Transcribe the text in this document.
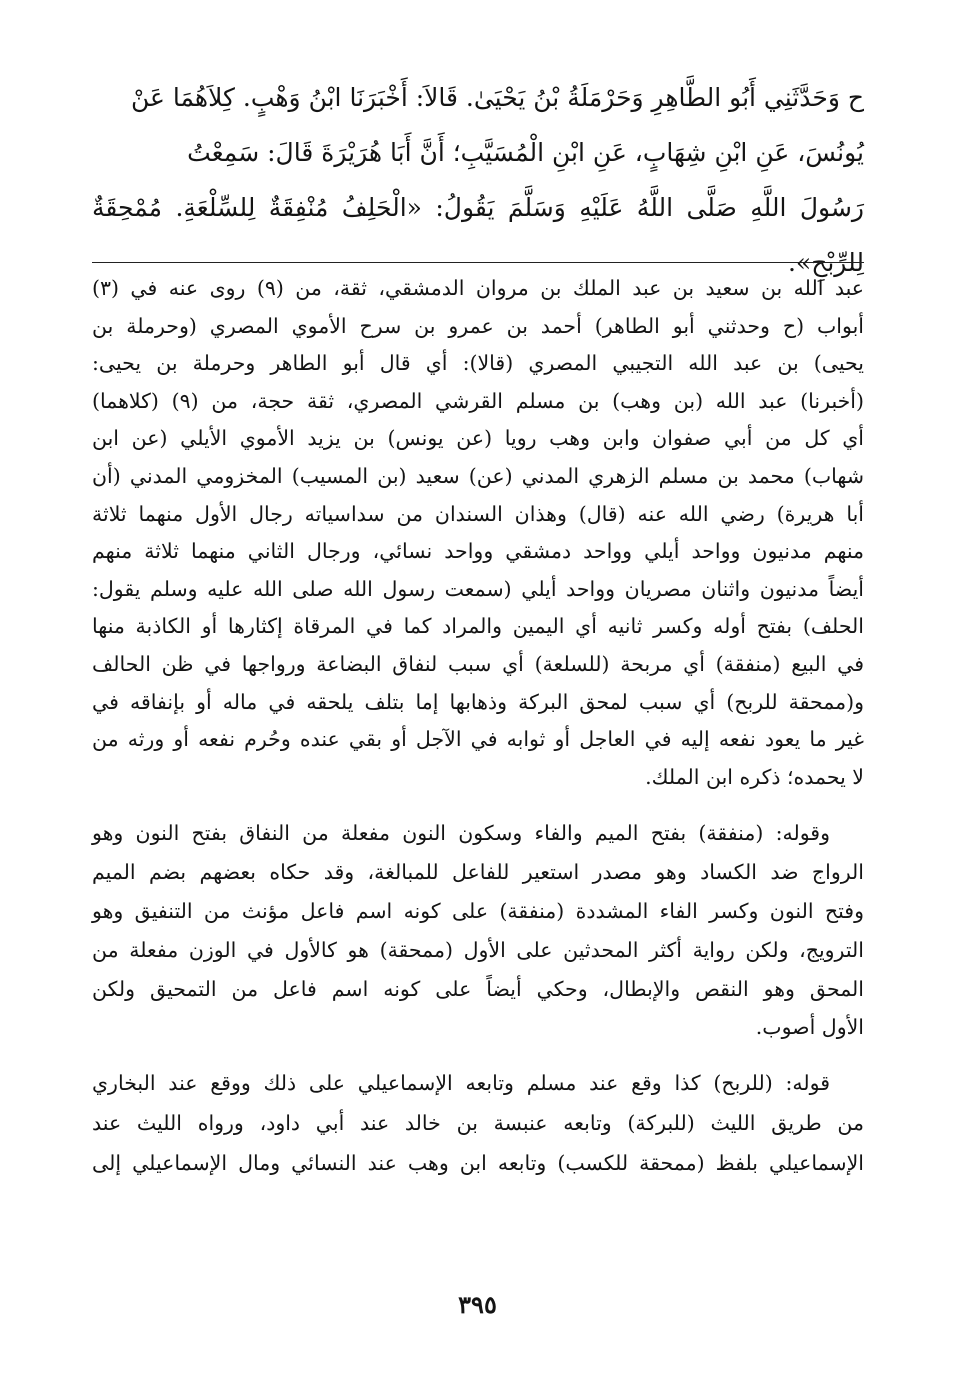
ح وَحَدَّثَنِي أَبُو الطَّاهِرِ وَحَرْمَلَةُ بْنُ يَحْيَىٰ. قَالاَ: أَخْبَرَنَا ابْنُ وَهْبٍ. كِلاَهُمَا عَنْ
يُونُسَ، عَنِ ابْنِ شِهَابٍ، عَنِ ابْنِ الْمُسَيَّبِ؛ أَنَّ أَبَا هُرَيْرَةَ قَالَ: سَمِعْتُ
رَسُولَ اللَّهِ صَلَّى اللَّهُ عَلَيْهِ وَسَلَّمَ يَقُولُ: «الْحَلِفُ مُنْفِقَةٌ لِلسِّلْعَةِ. مُمْحِقَةٌ لِلرِّبْحِ».

عبد الله بن سعيد بن عبد الملك بن مروان الدمشقي، ثقة، من (٩) روى عنه في (٣)
أبواب (ح وحدثني أبو الطاهر) أحمد بن عمرو بن سرح الأموي المصري (وحرملة بن
يحيى) بن عبد الله التجيبي المصري (قالا): أي قال أبو الطاهر وحرملة بن يحيى:
(أخبرنا) عبد الله (بن وهب) بن مسلم القرشي المصري، ثقة حجة، من (٩) (كلاهما)
أي كل من أبي صفوان وابن وهب رويا (عن يونس) بن يزيد الأموي الأيلي (عن ابن
شهاب) محمد بن مسلم الزهري المدني (عن) سعيد (بن المسيب) المخزومي المدني (أن
أبا هريرة) رضي الله عنه (قال) وهذان السندان من سداسياته رجال الأول منهما ثلاثة
منهم مدنيون وواحد أيلي وواحد دمشقي وواحد نسائي، ورجال الثاني منهما ثلاثة منهم
أيضاً مدنيون واثنان مصريان وواحد أيلي (سمعت رسول الله صلى الله عليه وسلم يقول:
الحلف) بفتح أوله وكسر ثانيه أي اليمين والمراد كما في المرقاة إكثارها أو الكاذبة منها
في البيع (منفقة) أي مربحة (للسلعة) أي سبب لنفاق البضاعة ورواجها في ظن الحالف
و(ممحقة للربح) أي سبب لمحق البركة وذهابها إما بتلف يلحقه في ماله أو بإنفاقه في
غير ما يعود نفعه إليه في العاجل أو ثوابه في الآجل أو بقي عنده وحُرم نفعه أو ورثه من
لا يحمده؛ ذكره ابن الملك.

وقوله: (منفقة) بفتح الميم والفاء وسكون النون مفعلة من النفاق بفتح النون وهو
الرواج ضد الكساد وهو مصدر استعير للفاعل للمبالغة، وقد حكاه بعضهم بضم الميم
وفتح النون وكسر الفاء المشددة (منفقة) على كونه اسم فاعل مؤنث من التنفيق وهو
الترويج، ولكن رواية أكثر المحدثين على الأول (ممحقة) هو كالأول في الوزن مفعلة من
المحق وهو النقص والإبطال، وحكي أيضاً على كونه اسم فاعل من التمحيق ولكن
الأول أصوب.

قوله: (للربح) كذا وقع عند مسلم وتابعه الإسماعيلي على ذلك ووقع عند البخاري
من طريق الليث (للبركة) وتابعه عنبسة بن خالد عند أبي داود، ورواه الليث عند
الإسماعيلي بلفظ (ممحقة للكسب) وتابعه ابن وهب عند النسائي ومال الإسماعيلي إلى

٣٩٥
